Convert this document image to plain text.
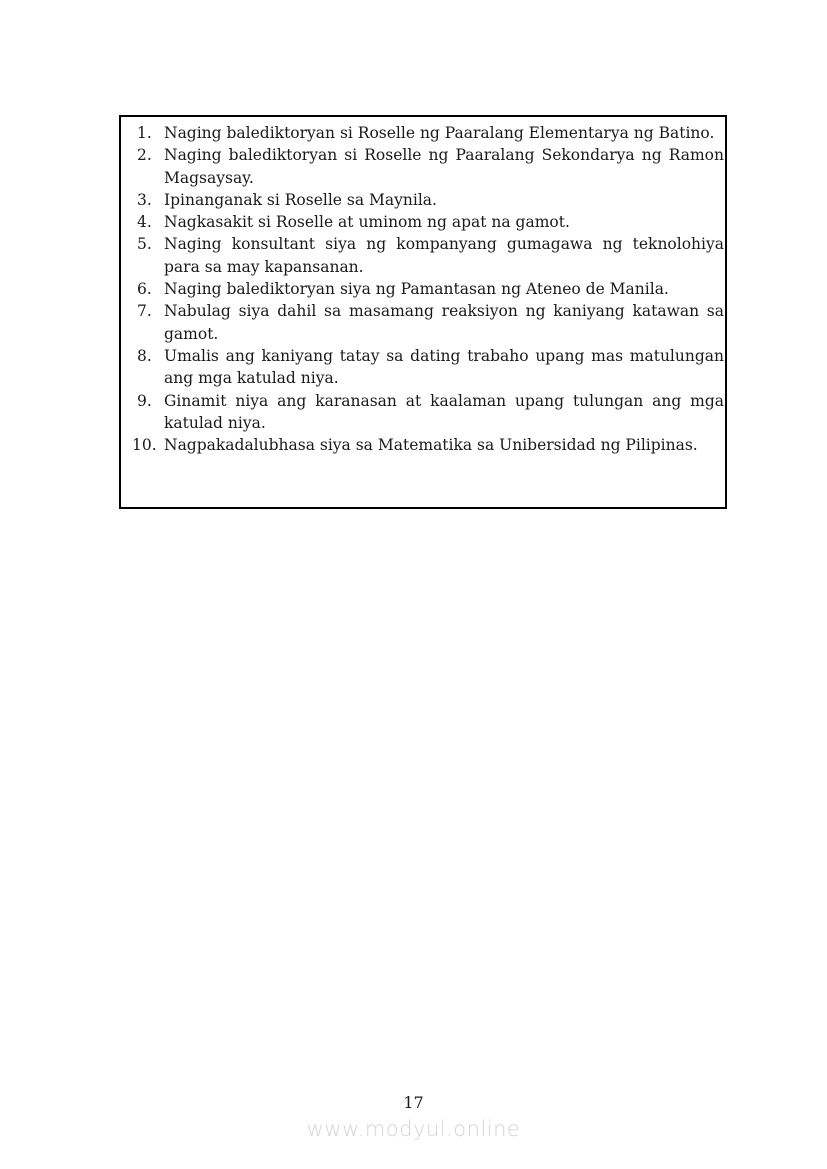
1. Naging balediktoryan si Roselle ng Paaralang Elementarya ng Batino.
2. Naging balediktoryan si Roselle ng Paaralang Sekondarya ng Ramon Magsaysay.
3. Ipinanganak si Roselle sa Maynila.
4. Nagkasakit si Roselle at uminom ng apat na gamot.
5. Naging konsultant siya ng kompanyang gumagawa ng teknolohiya para sa may kapansanan.
6. Naging balediktoryan siya ng Pamantasan ng Ateneo de Manila.
7. Nabulag siya dahil sa masamang reaksiyon ng kaniyang katawan sa gamot.
8. Umalis ang kaniyang tatay sa dating trabaho upang mas matulungan ang mga katulad niya.
9. Ginamit niya ang karanasan at kaalaman upang tulungan ang mga katulad niya.
10. Nagpakadalubhasa siya sa Matematika sa Unibersidad ng Pilipinas.
17
www.modyul.online
